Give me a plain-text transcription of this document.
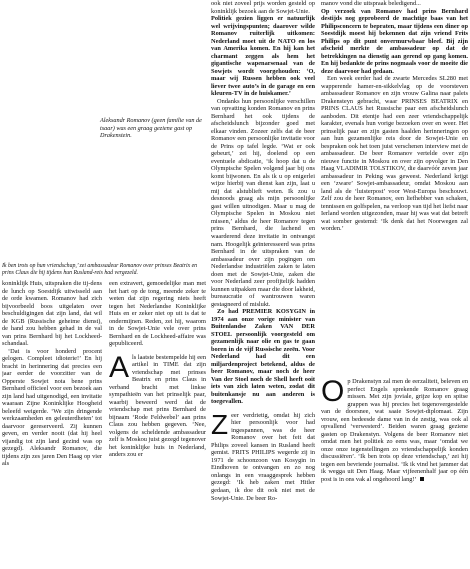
Aleksandr Romanov (geen familie van de tsaar) was een graag geziene gast op Drakenstein.
Ik ben trots op hun vriendschap,’ zei ambassadeur Romanov over prinses Beatrix en prins Claus die hij tijdens hun Rusland-reis had vergezeld.

koninklijk Huis, uitspraken die tij-dens de lunch op Soestdijk uitwisseld aan de orde kwamen. Romanov had zich bijvoorbeeld boos uitgelaten over beschuldigingen dat zijn land, dat wil de KGB (Russische geheime dienst), de hand zou hebben gehad in de val van prins Bernhard bij het Lockheed-schandaal.

‘Dat is voor honderd procent gelogen. Compleet idioterie!’ En hij bracht in herinnering dat precies een jaar eerder de voorzitter van de Opperste Sowjet nota bene prins Bernhard officieel voor een bezoek aan zijn land had uitgenodigd, een invitatie waaraan Zijne Koninklijke Hoogheid beleefd weigerde. ‘We zijn dringende werkzaamheden en geleuterdheten’ tot daarvoor gereserveerd. Zij kunnen geven, en verder nooit (dat hij heel vijandig tot zijn land gezind was op gezegd). Aleksandr Romanov, die tijdens zijn zes jaren Den Haag op vier als

een extravert, gemoedelijke man met het hart op de tong, meende zeker te weten dat zijn regering niets heeft tegen het Nederlandse Koninklijke Huis en er zeker niet op uit is dat te ondermijnen. Reden, zei hij, waarom in de Sowjet-Unie vele over prins Bernhard en de Lockheed-affaire was gepubliceerd.

Als laatste bestempelde hij een artikel in TIME dat zijn vriendschap met prinses Beatrix en prins Claus in verband bracht met linkse sympathieën van het prinselijk paar, waarbij beweerd werd dat de vriendschap met prins Bernhard de bijnaam ‘Rode Feldwebel’ aan prins Claus zou hebben gegeven. ‘Nee, volgens de scheldende ambassadeur zelf is Moskou juist gezegd tegenover het koninklijke huis in Nederland, anders zou er

ook niet zoveel prijs worden gesteld op koninklijk bezoek aan de Sowjet-Unie.

Politiek gezien liggen er natuurlijk wel wrijvingspunten; daarover wilde Romanov ruiterlijk uitkomen: Nederland moet uit de NATO en los van Amerika komen. En hij kan het charmant zeggen als hem het gigantische wapenarsenaal van de Sowjets wordt voorgehouden: ‘O, maar wij Russen hebben ook veel liever twee auto’s in de garage en een kleuren-TV in de huiskamer.’

Ondanks hun persoonlijke verschillen van opvatting konden Romanov en prins Bernhard het ook tijdens de afscheidslunch bijzonder goed met elkaar vinden. Zozeer zelfs dat de beer Romanov een persoonlijke invitatie voor de Prins op tafel legde. ‘Wat er ook gebeurt,’ zei hij, doelend op een eventuele abdicatie, ‘ik hoop dat u de Olympische Spelen volgend jaar bij ons komt bijwonen. En als ik u op enigerlei wijze hierbij van dienst kan zijn, laat u mij dat alstublieft weten. Ik zou u desnoods graag als mijn persoonlijke gast willen uitnodigen. Maar u mag de Olympische Spelen in Moskou niet missen,’ aldus de heer Romanov tegen prins Bernhard, die lachend en waarderend deze invitatie in ontvangst nam. Hoogelijk geïnteresseerd was prins Bernhard in de uitspraken van de ambassadeur over zijn pogingen om Nederlandse industriëlen zaken te laten doen met de Sowjet-Unie, zaken die voor Nederland zeer profijtelijk hadden kunnen uitpakken maar die door lakheid, bureaucratie of wantrouwen waren gestagneerd of mislukt.

Zo had PREMIER KOSYGIN in 1974 aan onze vorige minister van Buitenlandse Zaken VAN DER STOEL persoonlijk voorgesteld om gezamenlijk naar olie en gas te gaan boren in de vijf Russische zeeën. Voor Nederland had dit een miljardenproject betekend, aldus de beer Romanov, maar noch de heer Van der Stoel noch de Shell heeft ooit iets van zich laten weten, zodat dit buitenkansje nu aan anderen is toegevallen.

Zeer verdrietig, omdat hij zich hier persoonlijk voor had ingespannen, was de heer Romanov over het feit dat Philips zoveel kansen in Rusland heeft gemist. FRITS PHILIPS wegerde zij in 1971 de schoonzoon van Kosygin in Eindhoven te ontvangen en zo nog onlangs in een vraaggesprek hebben gezegd: ‘Ik heb zaken met Hitler gedaan, ik doe dit ook niet met de Sowjet-Unie. De beer Ro-

manov vond die uitspraak beledigend...

Op verzoek van Romanov had prins Bernhard destijds nog geprobeerd de machtige baas van het Philipsconcern te bepraten, maar tijdens een diner op Soestdijk moest hij bekennen dat zijn vriend Frits Philips op dit punt onvermurwbaar bleef. Bij zijn afscheid merkte de ambassadeur op dat de betrekkingen na dienstig aan gerend op gang komen. En hij bedankte de prins nogmaals voor de moeite die deze daarvoor had gedaan.

Een week eerder had de zwarte Mercedes SL280 met wapperende hamer-en-sikkelvlag op de voorsteven ambassadeur Romanov en zijn vrouw Galina naar paleis Drakensteyn gebracht, waar PRINSES BEATRIX en PRINS CLAUS het Russische paar een afscheidslunch aanboden. Dit etentje had een zeer vriendschappelijk karakter, evenals hun vorige bezoeken over en weer. Het prinselijk paar en zijn gasten haalden herinneringen op aan hun gezamenlijke reis door de Sowjet-Unie en bespraken ook het toen juist verschenen interview met de ambassadeur. De beer Romanov vertelde over zijn nieuwe functie in Moskou en over zijn opvolger in Den Haag VLADIMIR TOLSTIKOV, die daarvóór zeven jaar ambassadeur in Peking was geweest. Nederland krijgt een ‘zware’ Sowjet-ambassadeur, omdat Moskou aan land als de ‘luisterpost’ voor West-Europa beschouwt. Zelf zou de heer Romanov, een liefhebber van schaken, tennissen en golfspelen, na verloop van tijd het liefst naar Ierland worden uitgezonden, maar hij was wat dat betreft wat somber gestemd: ‘Ik denk dat het Noorwegen zal worden.’

Op Drakenstyn zal men de eerzaliteit, beleven en perfect Engels sprekende Romanov graag missen. Met zijn joviale, grijze kop en spitse grappen was hij precies het tegenovergestelde van de doorsnee, wat saaie Sowjet-diplomaat. Zijn vrouw, een bedeesde dame van in de zestig, was ook al opvallend ‘verwesterd’. Beiden waren graag geziene gasten op Drakenstyn. Volgens de beer Romanov niet omdat men het politiek zo eens was, maar ‘omdat we onze onze tegenstellingen zo vriendschappelijk konden discussiëren’. ‘Ik ben trots op deze vriendschap,’ zei hij tegen een bevriende journalist. ‘Ik ik vind het jammer dat ik wegga uit Den Haag. Maar vijfeenenhalf jaar op één post is in ons vak al ongehoord lang!’
